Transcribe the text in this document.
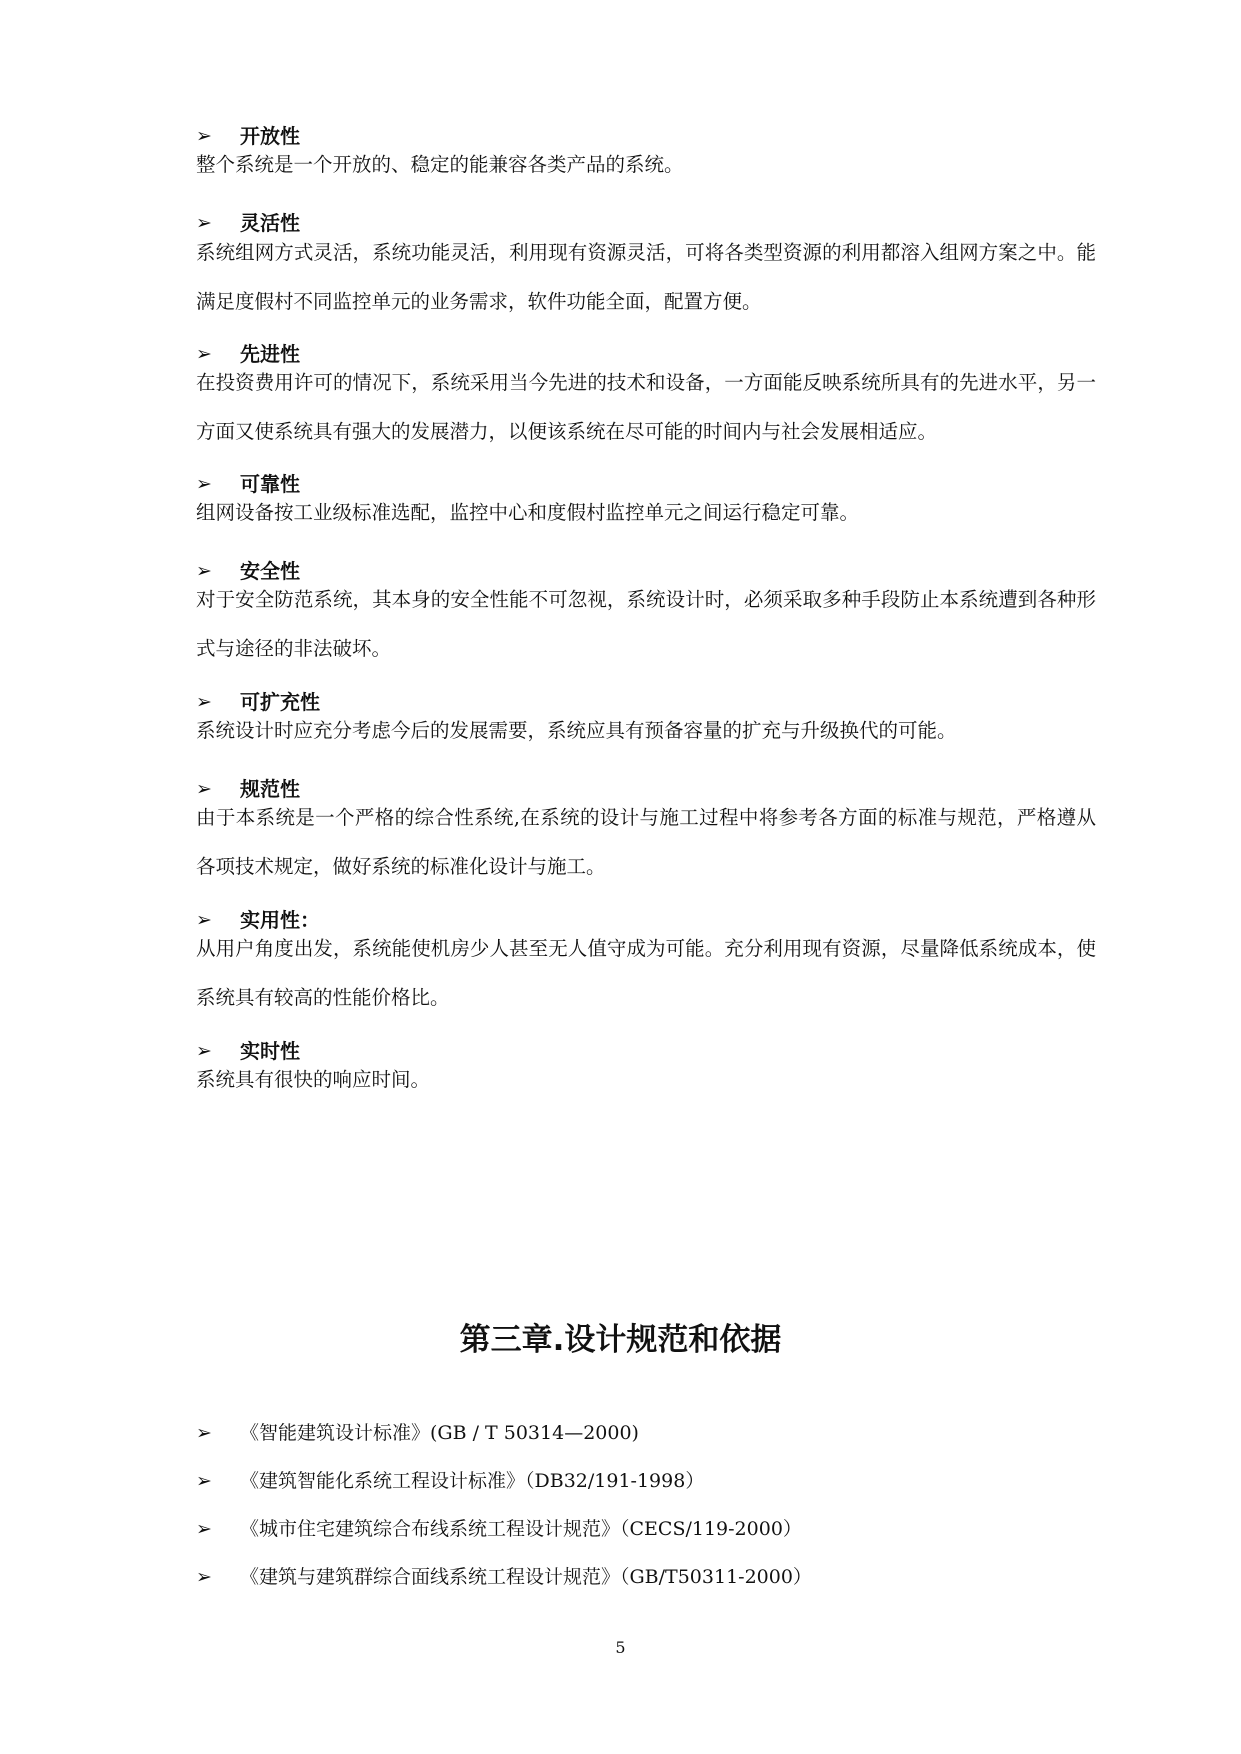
➢	开放性
整个系统是一个开放的、稳定的能兼容各类产品的系统。
➢	灵活性
系统组网方式灵活，系统功能灵活，利用现有资源灵活，可将各类型资源的利用都溶入组网方案之中。能满足度假村不同监控单元的业务需求，软件功能全面，配置方便。
➢	先进性
在投资费用许可的情况下，系统采用当今先进的技术和设备，一方面能反映系统所具有的先进水平，另一方面又使系统具有强大的发展潜力，以便该系统在尽可能的时间内与社会发展相适应。
➢	可靠性
组网设备按工业级标准选配，监控中心和度假村监控单元之间运行稳定可靠。
➢	安全性
对于安全防范系统，其本身的安全性能不可忽视，系统设计时，必须采取多种手段防止本系统遭到各种形式与途径的非法破坏。
➢	可扩充性
系统设计时应充分考虑今后的发展需要，系统应具有预备容量的扩充与升级换代的可能。
➢	规范性
由于本系统是一个严格的综合性系统,在系统的设计与施工过程中将参考各方面的标准与规范，严格遵从各项技术规定，做好系统的标准化设计与施工。
➢	实用性：
从用户角度出发，系统能使机房少人甚至无人值守成为可能。充分利用现有资源，尽量降低系统成本，使系统具有较高的性能价格比。
➢	实时性
系统具有很快的响应时间。
第三章.设计规范和依据
➢	《智能建筑设计标准》(GB / T 50314—2000)
➢	《建筑智能化系统工程设计标准》（DB32/191-1998）
➢	《城市住宅建筑综合布线系统工程设计规范》（CECS/119-2000）
➢	《建筑与建筑群综合面线系统工程设计规范》（GB/T50311-2000）
5
